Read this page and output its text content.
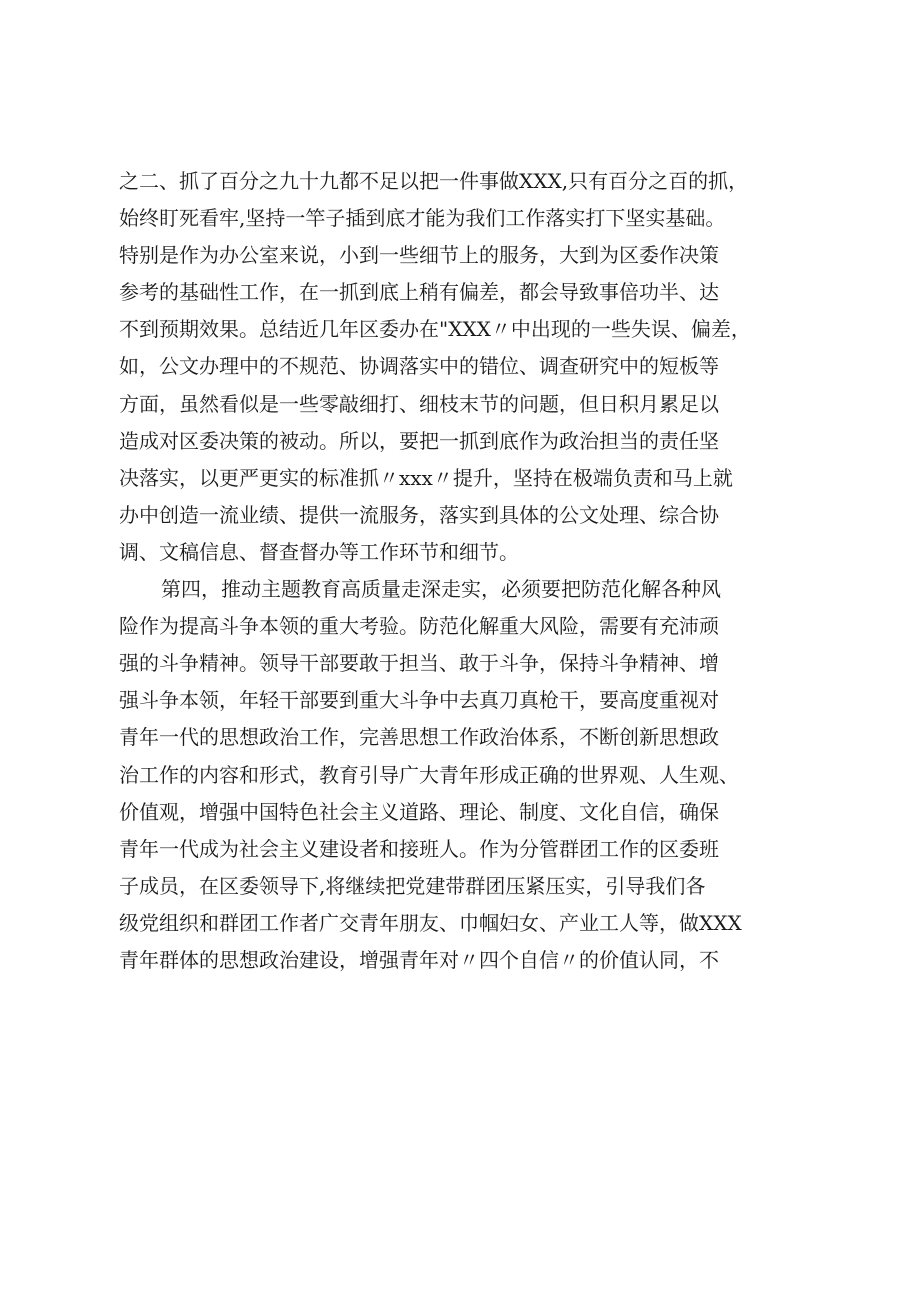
之二、抓了百分之九十九都不足以把一件事做XXX,只有百分之百的抓，
始终盯死看牢,坚持一竿子插到底才能为我们工作落实打下坚实基础。
特别是作为办公室来说，小到一些细节上的服务，大到为区委作决策
参考的基础性工作，在一抓到底上稍有偏差，都会导致事倍功半、达
不到预期效果。总结近几年区委办在"XXX〃中出现的一些失误、偏差，
如，公文办理中的不规范、协调落实中的错位、调查研究中的短板等
方面，虽然看似是一些零敲细打、细枝末节的问题，但日积月累足以
造成对区委决策的被动。所以，要把一抓到底作为政治担当的责任坚
决落实，以更严更实的标准抓〃xxx〃提升，坚持在极端负责和马上就
办中创造一流业绩、提供一流服务，落实到具体的公文处理、综合协
调、文稿信息、督查督办等工作环节和细节。
第四，推动主题教育高质量走深走实，必须要把防范化解各种风
险作为提高斗争本领的重大考验。防范化解重大风险，需要有充沛顽
强的斗争精神。领导干部要敢于担当、敢于斗争，保持斗争精神、增
强斗争本领，年轻干部要到重大斗争中去真刀真枪干，要高度重视对
青年一代的思想政治工作，完善思想工作政治体系，不断创新思想政
治工作的内容和形式，教育引导广大青年形成正确的世界观、人生观、
价值观，增强中国特色社会主义道路、理论、制度、文化自信，确保
青年一代成为社会主义建设者和接班人。作为分管群团工作的区委班
子成员，在区委领导下,将继续把党建带群团压紧压实，引导我们各
级党组织和群团工作者广交青年朋友、巾帼妇女、产业工人等，做XXX
青年群体的思想政治建设，增强青年对〃四个自信〃的价值认同，不
